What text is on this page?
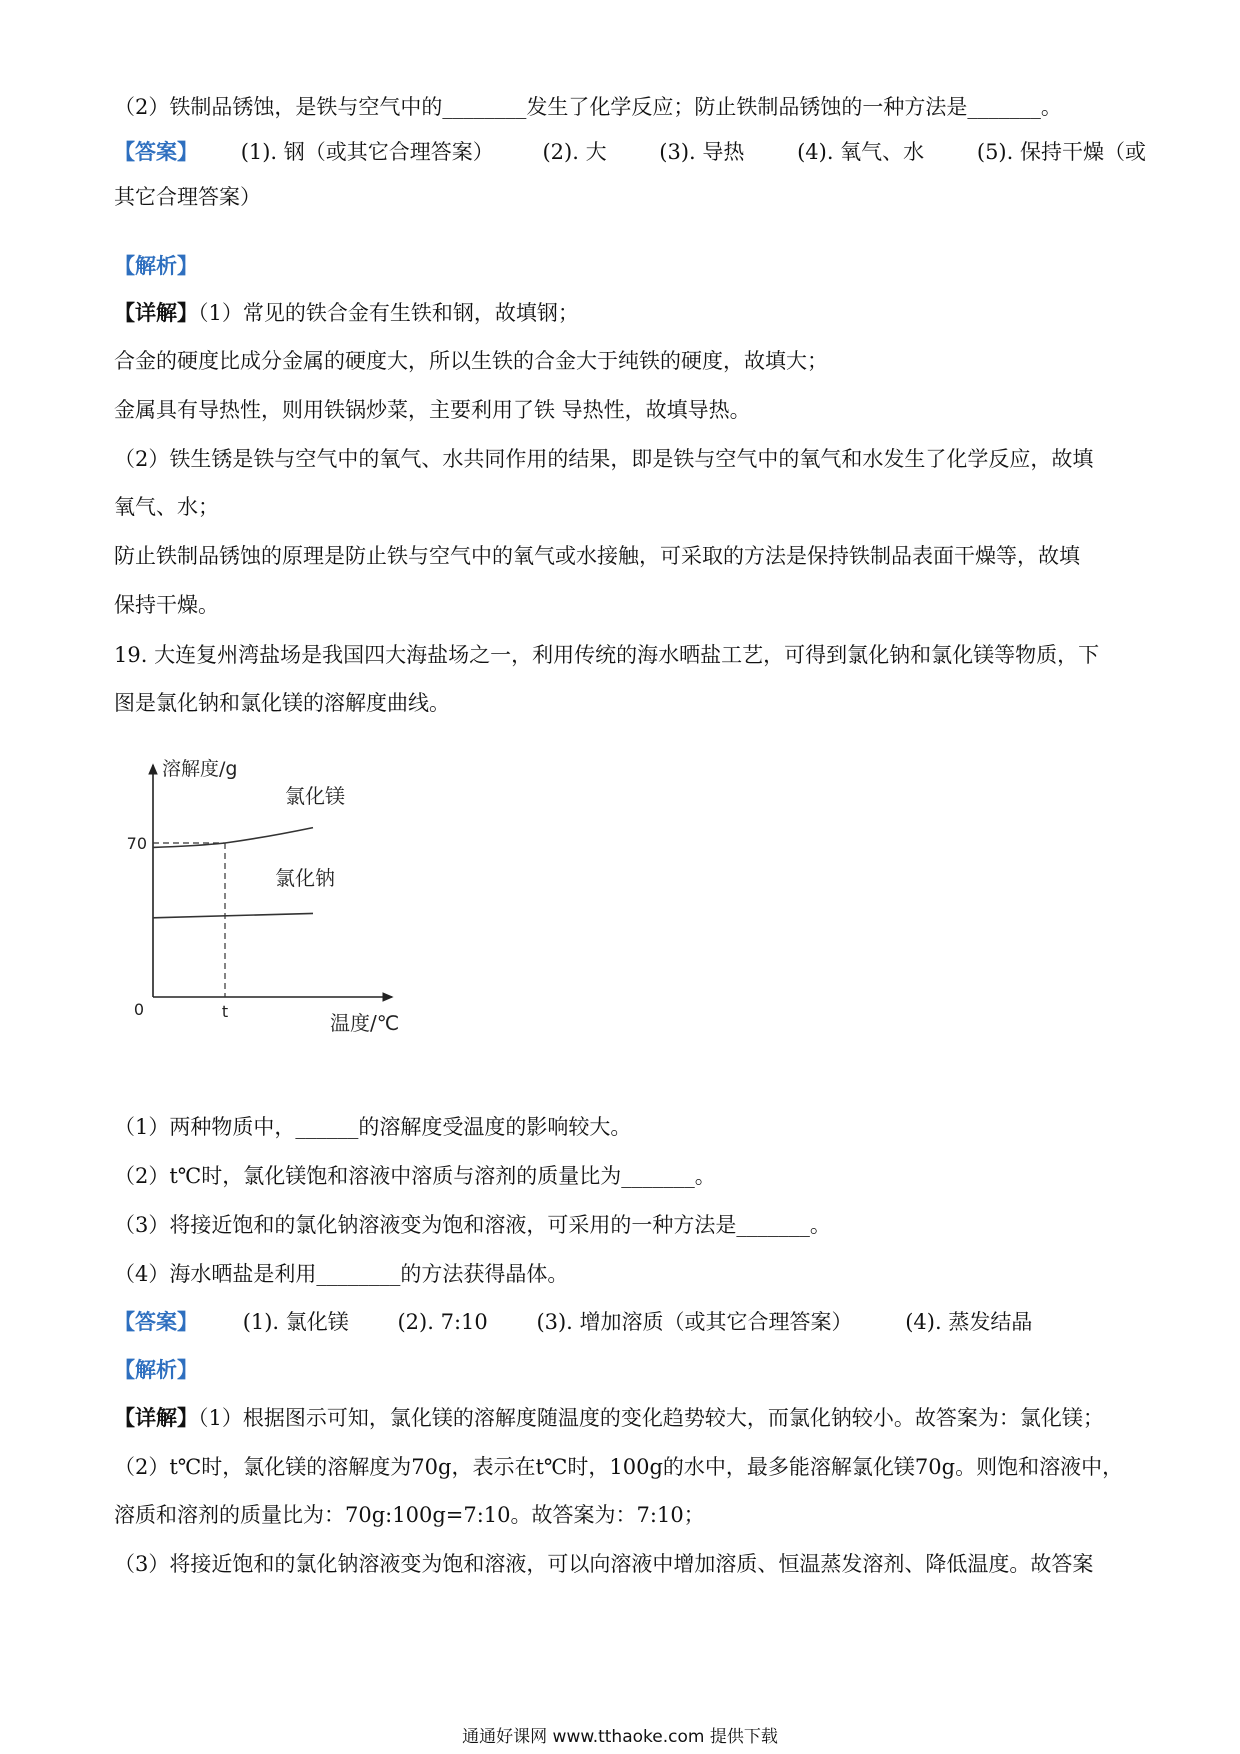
（2）铁制品锈蚀，是铁与空气中的________发生了化学反应；防止铁制品锈蚀的一种方法是_______。
【答案】 (1). 钢（或其它合理答案） (2). 大	(3). 导热	(4). 氧气、水	(5). 保持干燥（或
其它合理答案）
【解析】
【详解】（1）常见的铁合金有生铁和钢，故填钢；
合金的硬度比成分金属的硬度大，所以生铁的合金大于纯铁的硬度，故填大；
金属具有导热性，则用铁锅炒菜，主要利用了铁 导热性，故填导热。
（2）铁生锈是铁与空气中的氧气、水共同作用的结果，即是铁与空气中的氧气和水发生了化学反应，故填
氧气、水；
防止铁制品锈蚀的原理是防止铁与空气中的氧气或水接触，可采取的方法是保持铁制品表面干燥等，故填
保持干燥。
19. 大连复州湾盐场是我国四大海盐场之一，利用传统的海水晒盐工艺，可得到氯化钠和氯化镁等物质，下
图是氯化钠和氯化镁的溶解度曲线。
溶解度/g
温度/℃
0	t
70
氯化镁
氯化钠
（1）两种物质中，______的溶解度受温度的影响较大。
（2）t℃时，氯化镁饱和溶液中溶质与溶剂的质量比为_______。
（3）将接近饱和的氯化钠溶液变为饱和溶液，可采用的一种方法是_______。
（4）海水晒盐是利用________的方法获得晶体。
【答案】 (1). 氯化镁 (2). 7:10 (3). 增加溶质（或其它合理答案）	(4). 蒸发结晶
【解析】
【详解】（1）根据图示可知，氯化镁的溶解度随温度的变化趋势较大，而氯化钠较小。故答案为：氯化镁；
（2）t℃时，氯化镁的溶解度为70g，表示在t℃时，100g的水中，最多能溶解氯化镁70g。则饱和溶液中，
溶质和溶剂的质量比为：70g:100g=7:10。故答案为：7:10；
（3）将接近饱和的氯化钠溶液变为饱和溶液，可以向溶液中增加溶质、恒温蒸发溶剂、降低温度。故答案
通通好课网 www.tthaoke.com 提供下载
